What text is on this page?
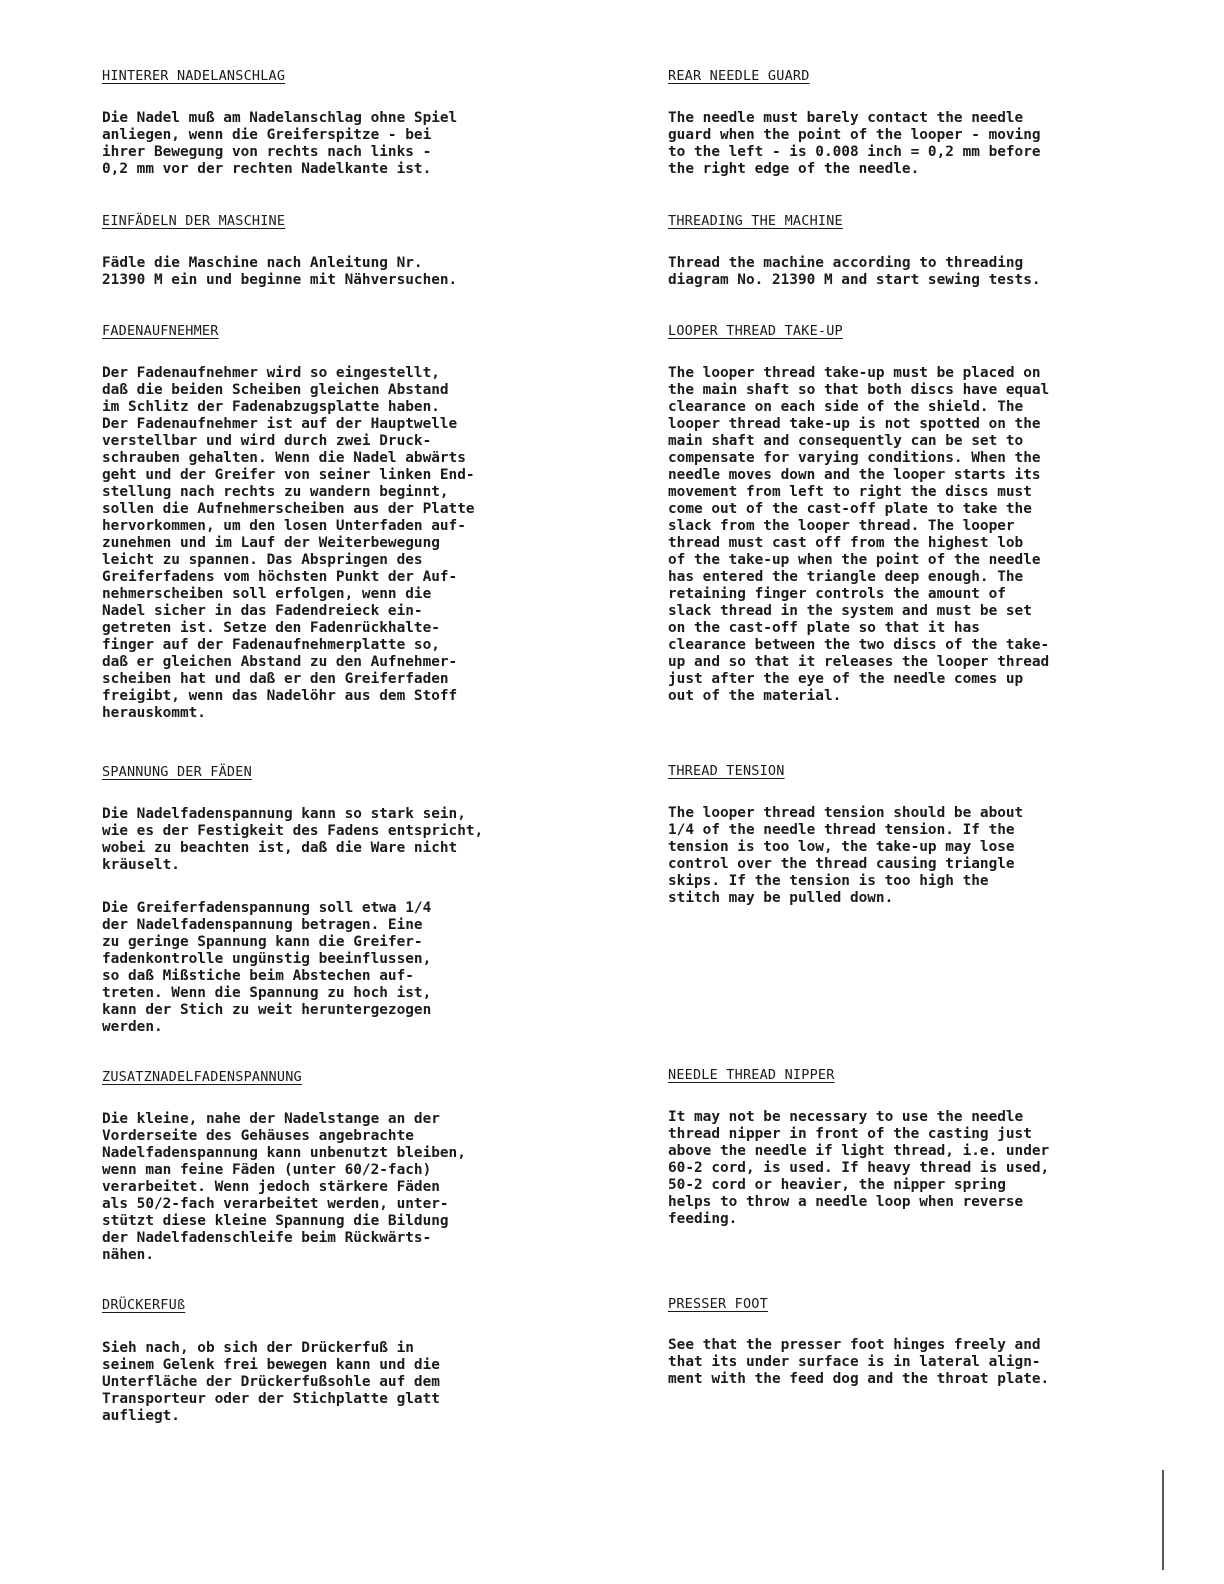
HINTERER NADELANSCHLAG
Die Nadel muß am Nadelanschlag ohne Spiel
anliegen, wenn die Greiferspitze - bei
ihrer Bewegung von rechts nach links -
0,2 mm vor der rechten Nadelkante ist.
EINFÄDELN DER MASCHINE
Fädle die Maschine nach Anleitung Nr.
21390 M ein und beginne mit Nähversuchen.
FADENAUFNEHMER
Der Fadenaufnehmer wird so eingestellt,
daß die beiden Scheiben gleichen Abstand
im Schlitz der Fadenabzugsplatte haben.
Der Fadenaufnehmer ist auf der Hauptwelle
verstellbar und wird durch zwei Druck-
schrauben gehalten. Wenn die Nadel abwärts
geht und der Greifer von seiner linken End-
stellung nach rechts zu wandern beginnt,
sollen die Aufnehmerscheiben aus der Platte
hervorkommen, um den losen Unterfaden auf-
zunehmen und im Lauf der Weiterbewegung
leicht zu spannen. Das Abspringen des
Greiferfadens vom höchsten Punkt der Auf-
nehmerscheiben soll erfolgen, wenn die
Nadel sicher in das Fadendreieck ein-
getreten ist. Setze den Fadenrückhalte-
finger auf der Fadenaufnehmerplatte so,
daß er gleichen Abstand zu den Aufnehmer-
scheiben hat und daß er den Greiferfaden
freigibt, wenn das Nadelöhr aus dem Stoff
herauskommt.
SPANNUNG DER FÄDEN
Die Nadelfadenspannung kann so stark sein,
wie es der Festigkeit des Fadens entspricht,
wobei zu beachten ist, daß die Ware nicht
kräuselt.
Die Greiferfadenspannung soll etwa 1/4
der Nadelfadenspannung betragen. Eine
zu geringe Spannung kann die Greifer-
fadenkontrolle ungünstig beeinflussen,
so daß Mißstiche beim Abstechen auf-
treten. Wenn die Spannung zu hoch ist,
kann der Stich zu weit heruntergezogen
werden.
ZUSATZNADELFADENSPANNUNG
Die kleine, nahe der Nadelstange an der
Vorderseite des Gehäuses angebrachte
Nadelfadenspannung kann unbenutzt bleiben,
wenn man feine Fäden (unter 60/2-fach)
verarbeitet. Wenn jedoch stärkere Fäden
als 50/2-fach verarbeitet werden, unter-
stützt diese kleine Spannung die Bildung
der Nadelfadenschleife beim Rückwärts-
nähen.
DRÜCKERFUß
Sieh nach, ob sich der Drückerfuß in
seinem Gelenk frei bewegen kann und die
Unterfläche der Drückerfußsohle auf dem
Transporteur oder der Stichplatte glatt
aufliegt.
REAR NEEDLE GUARD
The needle must barely contact the needle
guard when the point of the looper - moving
to the left - is 0.008 inch = 0,2 mm before
the right edge of the needle.
THREADING THE MACHINE
Thread the machine according to threading
diagram No. 21390 M and start sewing tests.
LOOPER THREAD TAKE-UP
The looper thread take-up must be placed on
the main shaft so that both discs have equal
clearance on each side of the shield. The
looper thread take-up is not spotted on the
main shaft and consequently can be set to
compensate for varying conditions. When the
needle moves down and the looper starts its
movement from left to right the discs must
come out of the cast-off plate to take the
slack from the looper thread. The looper
thread must cast off from the highest lob
of the take-up when the point of the needle
has entered the triangle deep enough. The
retaining finger controls the amount of
slack thread in the system and must be set
on the cast-off plate so that it has
clearance between the two discs of the take-
up and so that it releases the looper thread
just after the eye of the needle comes up
out of the material.
THREAD TENSION
The looper thread tension should be about
1/4 of the needle thread tension. If the
tension is too low, the take-up may lose
control over the thread causing triangle
skips. If the tension is too high the
stitch may be pulled down.
NEEDLE THREAD NIPPER
It may not be necessary to use the needle
thread nipper in front of the casting just
above the needle if light thread, i.e. under
60-2 cord, is used. If heavy thread is used,
50-2 cord or heavier, the nipper spring
helps to throw a needle loop when reverse
feeding.
PRESSER FOOT
See that the presser foot hinges freely and
that its under surface is in lateral align-
ment with the feed dog and the throat plate.
